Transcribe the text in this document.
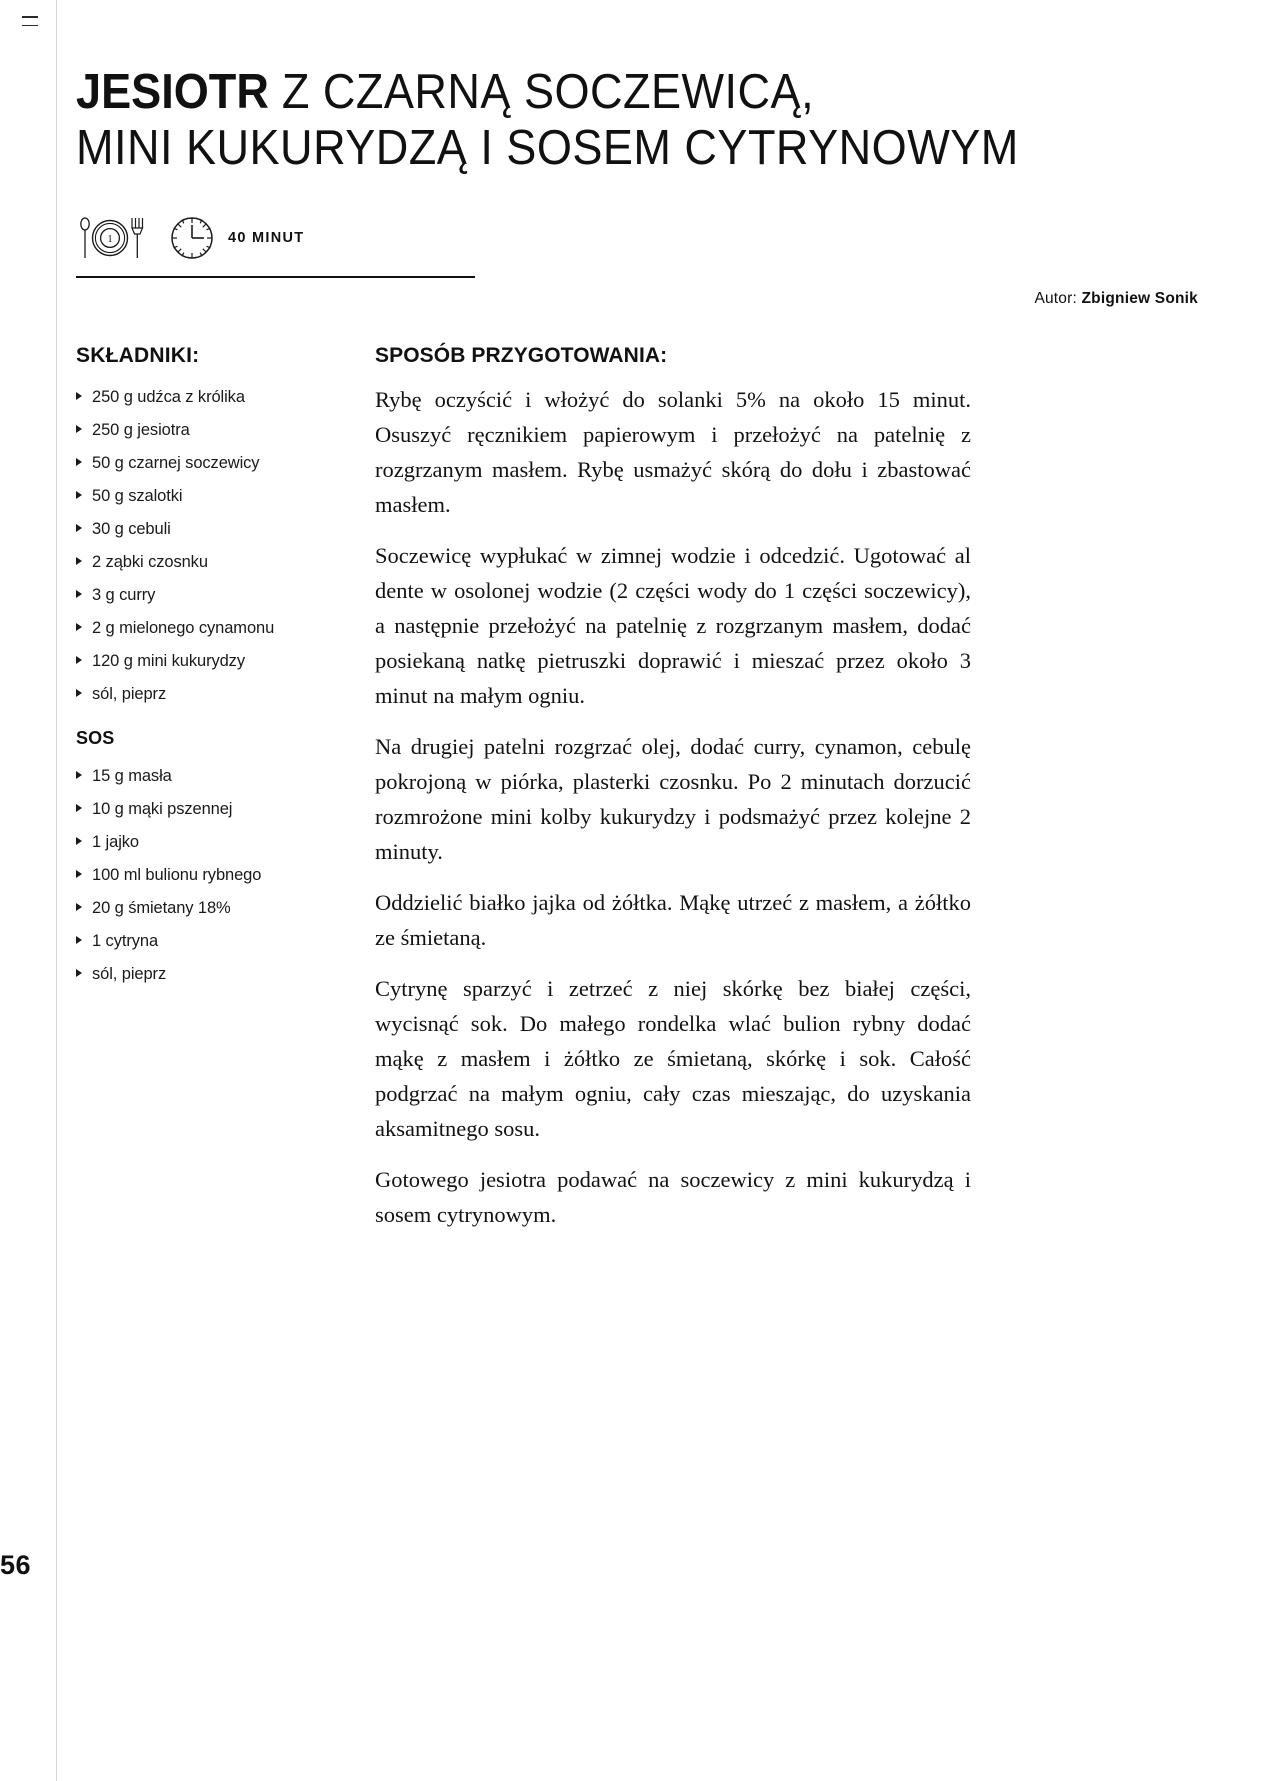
JESIOTR Z CZARNĄ SOCZEWICĄ,
MINI KUKURYDZĄ I SOSEM CYTRYNOWYM
1	40 MINUT
Autor: Zbigniew Sonik
SKŁADNIKI:
250 g udźca z królika
250 g jesiotra
50 g czarnej soczewicy
50 g szalotki
30 g cebuli
2 ząbki czosnku
3 g curry
2 g mielonego cynamonu
120 g mini kukurydzy
sól, pieprz
SOS
15 g masła
10 g mąki pszennej
1 jajko
100 ml bulionu rybnego
20 g śmietany 18%
1 cytryna
sól, pieprz
SPOSÓB PRZYGOTOWANIA:

Rybę oczyścić i włożyć do solanki 5% na około 15 minut. Osuszyć ręcznikiem papierowym i przełożyć na patelnię z rozgrzanym masłem. Rybę usmażyć skórą do dołu i zbastować masłem.

Soczewicę wypłukać w zimnej wodzie i odcedzić. Ugotować al dente w osolonej wodzie (2 części wody do 1 części soczewicy), a następnie przełożyć na patelnię z rozgrzanym masłem, dodać posiekaną natkę pietruszki doprawić i mieszać przez około 3 minut na małym ogniu.

Na drugiej patelni rozgrzać olej, dodać curry, cynamon, cebulę pokrojoną w piórka, plasterki czosnku. Po 2 minutach dorzucić rozmrożone mini kolby kukurydzy i podsmażyć przez kolejne 2 minuty.

Oddzielić białko jajka od żółtka. Mąkę utrzeć z masłem, a żółtko ze śmietaną.

Cytrynę sparzyć i zetrzeć z niej skórkę bez białej części, wycisnąć sok. Do małego rondelka wlać bulion rybny dodać mąkę z masłem i żółtko ze śmietaną, skórkę i sok. Całość podgrzać na małym ogniu, cały czas mieszając, do uzyskania aksamitnego sosu.

Gotowego jesiotra podawać na soczewicy z mini kukurydzą i sosem cytrynowym.

56
